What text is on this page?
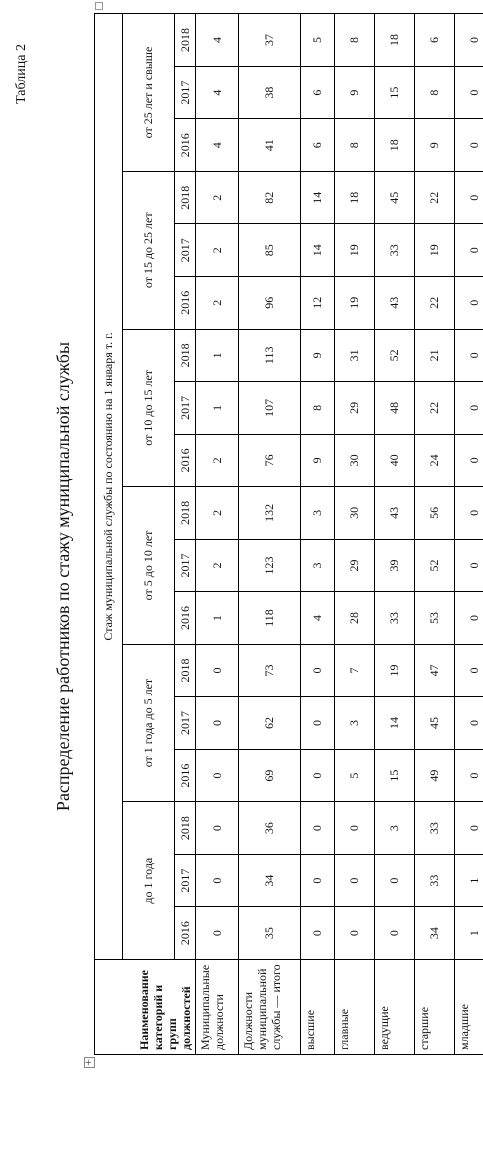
Таблица 2
Распределение работников по стажу муниципальной службы
+
Наименование категорий и групп должностей	Стаж муниципальной службы по состоянию на 1 января т. г.																	
	до 1 года			от 1 года до 5 лет			от 5 до 10 лет			от 10 до 15 лет			от 15 до 25 лет			от 25 лет и свыше		
	2016	2017	2018	2016	2017	2018	2016	2017	2018	2016	2017	2018	2016	2017	2018	2016	2017	2018
Муниципальные должности	0	0	0	0	0	0	1	2	2	2	1	1	2	2	2	4	4	4
Должности муниципальной службы — итого	35	34	36	69	62	73	118	123	132	76	107	113	96	85	82	41	38	37
высшие	0	0	0	0	0	0	4	3	3	9	8	9	12	14	14	6	6	5
главные	0	0	0	5	3	7	28	29	30	30	29	31	19	19	18	8	9	8
ведущие	0	0	3	15	14	19	33	39	43	40	48	52	43	33	45	18	15	18
старшие	34	33	33	49	45	47	53	52	56	24	22	21	22	19	22	9	8	6
младшие	1	1	0	0	0	0	0	0	0	0	0	0	0	0	0	0	0	0
